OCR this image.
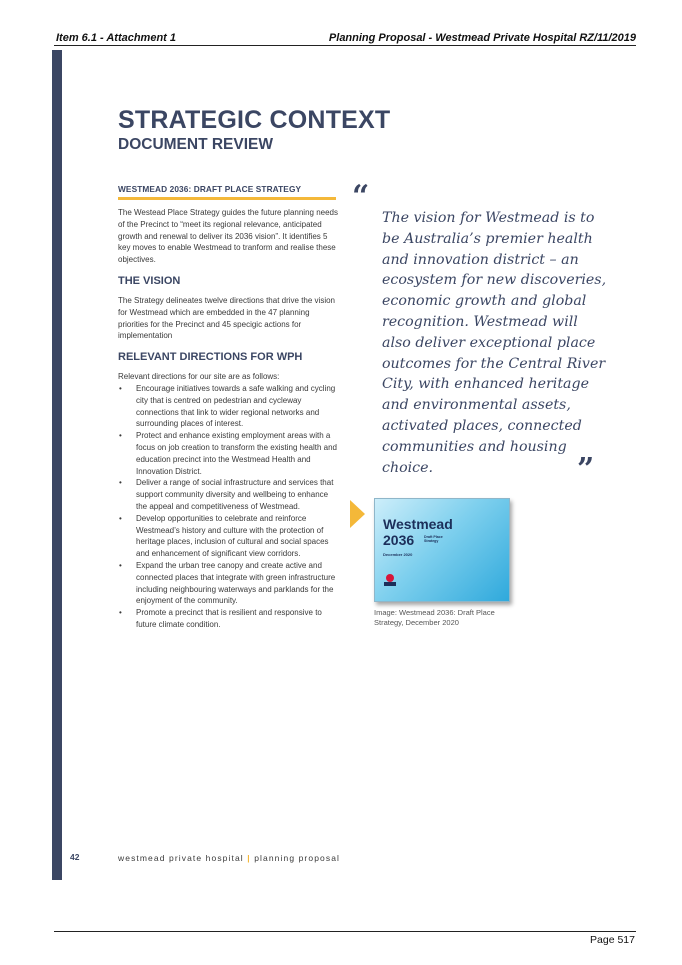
Item 6.1 - Attachment 1	Planning Proposal - Westmead Private Hospital RZ/11/2019
STRATEGIC CONTEXT
DOCUMENT REVIEW
WESTMEAD 2036: DRAFT PLACE STRATEGY
The Westead Place Strategy guides the future planning needs of the Precinct to “meet its regional relevance, anticipated growth and renewal to deliver its 2036 vision”. It identifies 5 key moves to enable Westmead to tranform and realise these objectives.
THE VISION
The Strategy delineates twelve directions that drive the vision for Westmead which are embedded in the 47 planning priorities for the Precinct and 45 specigic actions for implementation
RELEVANT DIRECTIONS FOR WPH
Relevant directions for our site are as follows:
• Encourage initiatives towards a safe walking and cycling city that is centred on pedestrian and cycleway connections that link to wider regional networks and surrounding places of interest.
• Protect and enhance existing employment areas with a focus on job creation to transform the existing health and education precinct into the Westmead Health and Innovation District.
• Deliver a range of social infrastructure and services that support community diversity and wellbeing to enhance the appeal and competitiveness of Westmead.
• Develop opportunities to celebrate and reinforce Westmead’s history and culture with the protection of heritage places, inclusion of cultural and social spaces and enhancement of significant view corridors.
• Expand the urban tree canopy and create active and connected places that integrate with green infrastructure including neighbouring waterways and parklands for the enjoyment of the community.
• Promote a precinct that is resilient and responsive to future climate condition.
“
The vision for Westmead is to be Australia’s premier health and innovation district – an ecosystem for new discoveries, economic growth and global recognition. Westmead will also deliver exceptional place outcomes for the Central River City, with enhanced heritage and environmental assets, activated places, connected communities and housing choice.	”
Westmead
2036	Draft Place Strategy
December 2020
Image: Westmead 2036: Draft Place Strategy, December 2020
42	westmead private hospital | planning proposal
Page 517
